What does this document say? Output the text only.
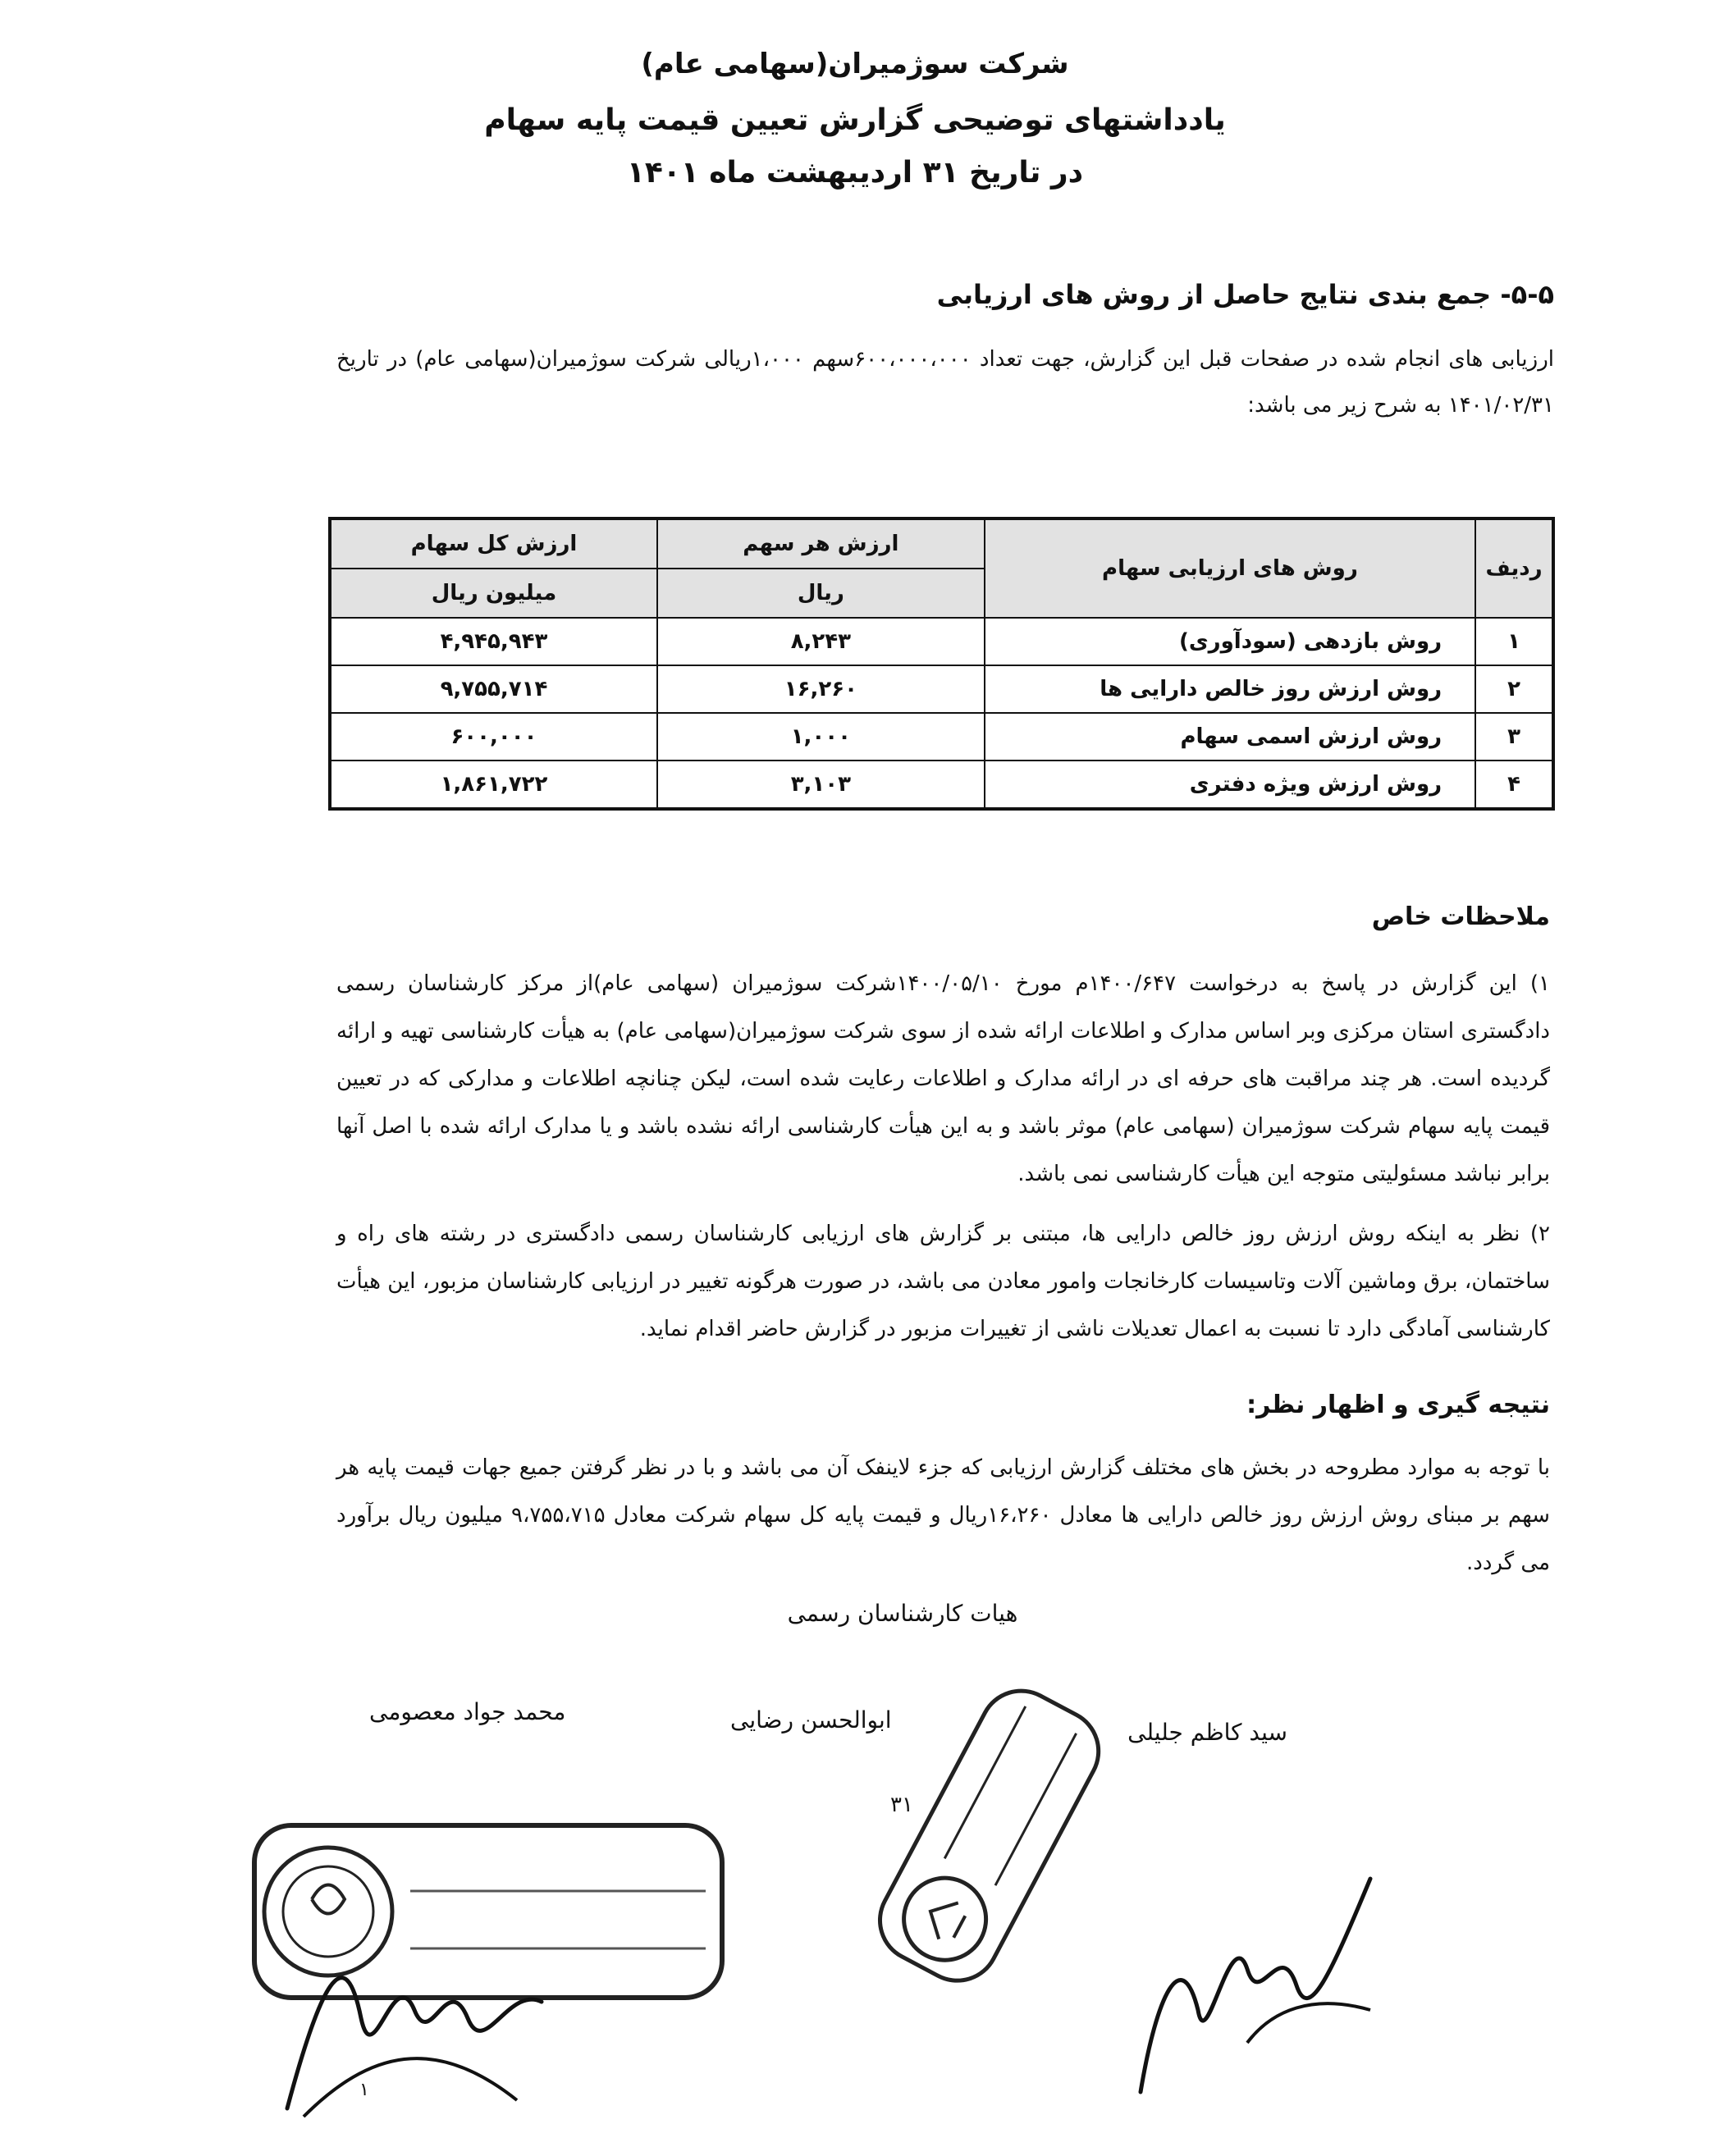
شرکت سوژمیران(سهامی عام)
یادداشتهای توضیحی گزارش تعیین قیمت پایه سهام
در تاریخ ۳۱ اردیبهشت ماه ۱۴۰۱
۵-۵- جمع بندی نتایج حاصل از روش های ارزیابی
ارزیابی های انجام شده در صفحات قبل این گزارش، جهت تعداد ۶۰۰،۰۰۰،۰۰۰سهم ۱،۰۰۰ریالی شرکت سوژمیران(سهامی عام) در تاریخ ۱۴۰۱/۰۲/۳۱ به شرح زیر می باشد:
ردیف	روش های ارزیابی سهام	ارزش هر سهم	ارزش کل سهام
		ریال	میلیون ریال
۱	روش بازدهی (سودآوری)	۸,۲۴۳	۴,۹۴۵,۹۴۳
۲	روش ارزش روز خالص دارایی ها	۱۶,۲۶۰	۹,۷۵۵,۷۱۴
۳	روش ارزش اسمی سهام	۱,۰۰۰	۶۰۰,۰۰۰
۴	روش ارزش ویژه دفتری	۳,۱۰۳	۱,۸۶۱,۷۲۲
ملاحظات خاص
۱) این گزارش در پاسخ به درخواست ۱۴۰۰/۶۴۷م مورخ ۱۴۰۰/۰۵/۱۰شرکت سوژمیران (سهامی عام)از مرکز کارشناسان رسمی دادگستری استان مرکزی وبر اساس مدارک و اطلاعات ارائه شده از سوی شرکت سوژمیران(سهامی عام) به هیأت کارشناسی تهیه و ارائه گردیده است. هر چند مراقبت های حرفه ای در ارائه مدارک و اطلاعات رعایت شده است، لیکن چنانچه اطلاعات و مدارکی که در تعیین قیمت پایه سهام شرکت سوژمیران (سهامی عام) موثر باشد و به این هیأت کارشناسی ارائه نشده باشد و یا مدارک ارائه شده با اصل آنها برابر نباشد مسئولیتی متوجه این هیأت کارشناسی نمی باشد.
۲) نظر به اینکه روش ارزش روز خالص دارایی ها، مبتنی بر گزارش های ارزیابی کارشناسان رسمی دادگستری در رشته های راه و ساختمان، برق وماشین آلات وتاسیسات کارخانجات وامور معادن می باشد، در صورت هرگونه تغییر در ارزیابی کارشناسان مزبور، این هیأت کارشناسی آمادگی دارد تا نسبت به اعمال تعدیلات ناشی از تغییرات مزبور در گزارش حاضر اقدام نماید.
نتیجه گیری و اظهار نظر:
با توجه به موارد مطروحه در بخش های مختلف گزارش ارزیابی که جزء لاینفک آن می باشد و با در نظر گرفتن جمیع جهات قیمت پایه هر سهم بر مبنای روش ارزش روز خالص دارایی ها معادل ۱۶،۲۶۰ریال و قیمت پایه کل سهام شرکت معادل ۹،۷۵۵،۷۱۵ میلیون ریال برآورد می گردد.
هیات کارشناسان رسمی
سید کاظم جلیلی
ابوالحسن رضایی
محمد جواد معصومی
۳۱
۱
